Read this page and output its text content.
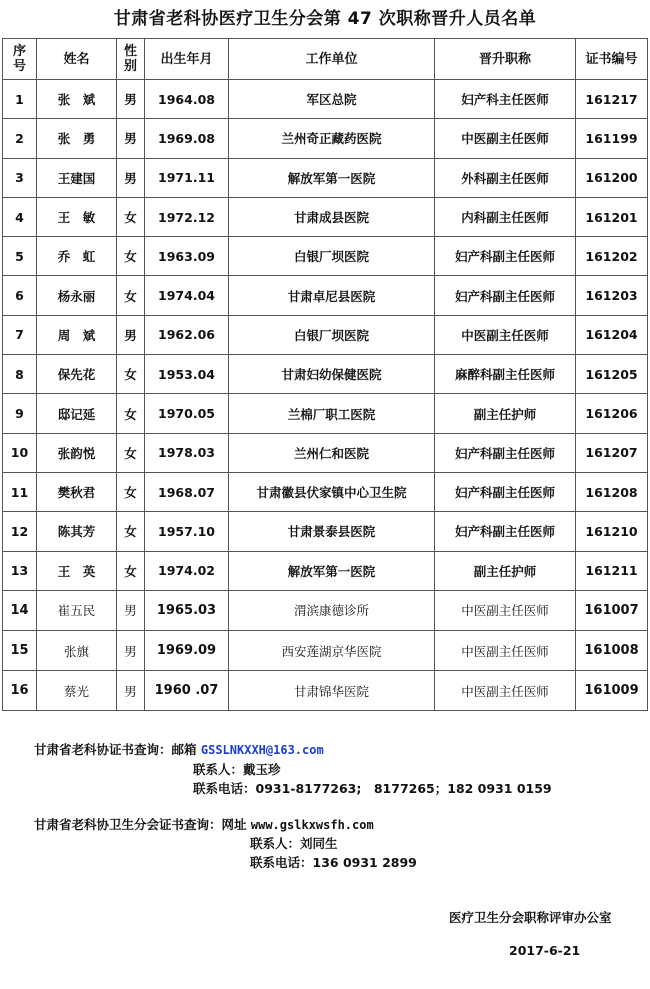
甘肃省老科协医疗卫生分会第 47 次职称晋升人员名单
序号	姓名	性别	出生年月	工作单位	晋升职称	证书编号
1	张　斌	男	1964.08	军区总院	妇产科主任医师	161217
2	张　勇	男	1969.08	兰州奇正藏药医院	中医副主任医师	161199
3	王建国	男	1971.11	解放军第一医院	外科副主任医师	161200
4	王　敏	女	1972.12	甘肃成县医院	内科副主任医师	161201
5	乔　虹	女	1963.09	白银厂坝医院	妇产科副主任医师	161202
6	杨永丽	女	1974.04	甘肃卓尼县医院	妇产科副主任医师	161203
7	周　斌	男	1962.06	白银厂坝医院	中医副主任医师	161204
8	保先花	女	1953.04	甘肃妇幼保健医院	麻醉科副主任医师	161205
9	邸记延	女	1970.05	兰棉厂职工医院	副主任护师	161206
10	张韵悦	女	1978.03	兰州仁和医院	妇产科副主任医师	161207
11	樊秋君	女	1968.07	甘肃徽县伏家镇中心卫生院	妇产科副主任医师	161208
12	陈其芳	女	1957.10	甘肃景泰县医院	妇产科副主任医师	161210
13	王　英	女	1974.02	解放军第一医院	副主任护师	161211
14	崔五民	男	1965.03	渭滨康德诊所	中医副主任医师	161007
15	张旗	男	1969.09	西安莲湖京华医院	中医副主任医师	161008
16	蔡光	男	1960 .07	甘肃锦华医院	中医副主任医师	161009
甘肃省老科协证书查询：邮箱 GSSLNKXXH@163.com
联系人：戴玉珍
联系电话：0931-8177263;　8177265；182 0931 0159
甘肃省老科协卫生分会证书查询：网址 www.gslkxwsfh.com
联系人：刘同生
联系电话：136 0931 2899
医疗卫生分会职称评审办公室
2017-6-21
